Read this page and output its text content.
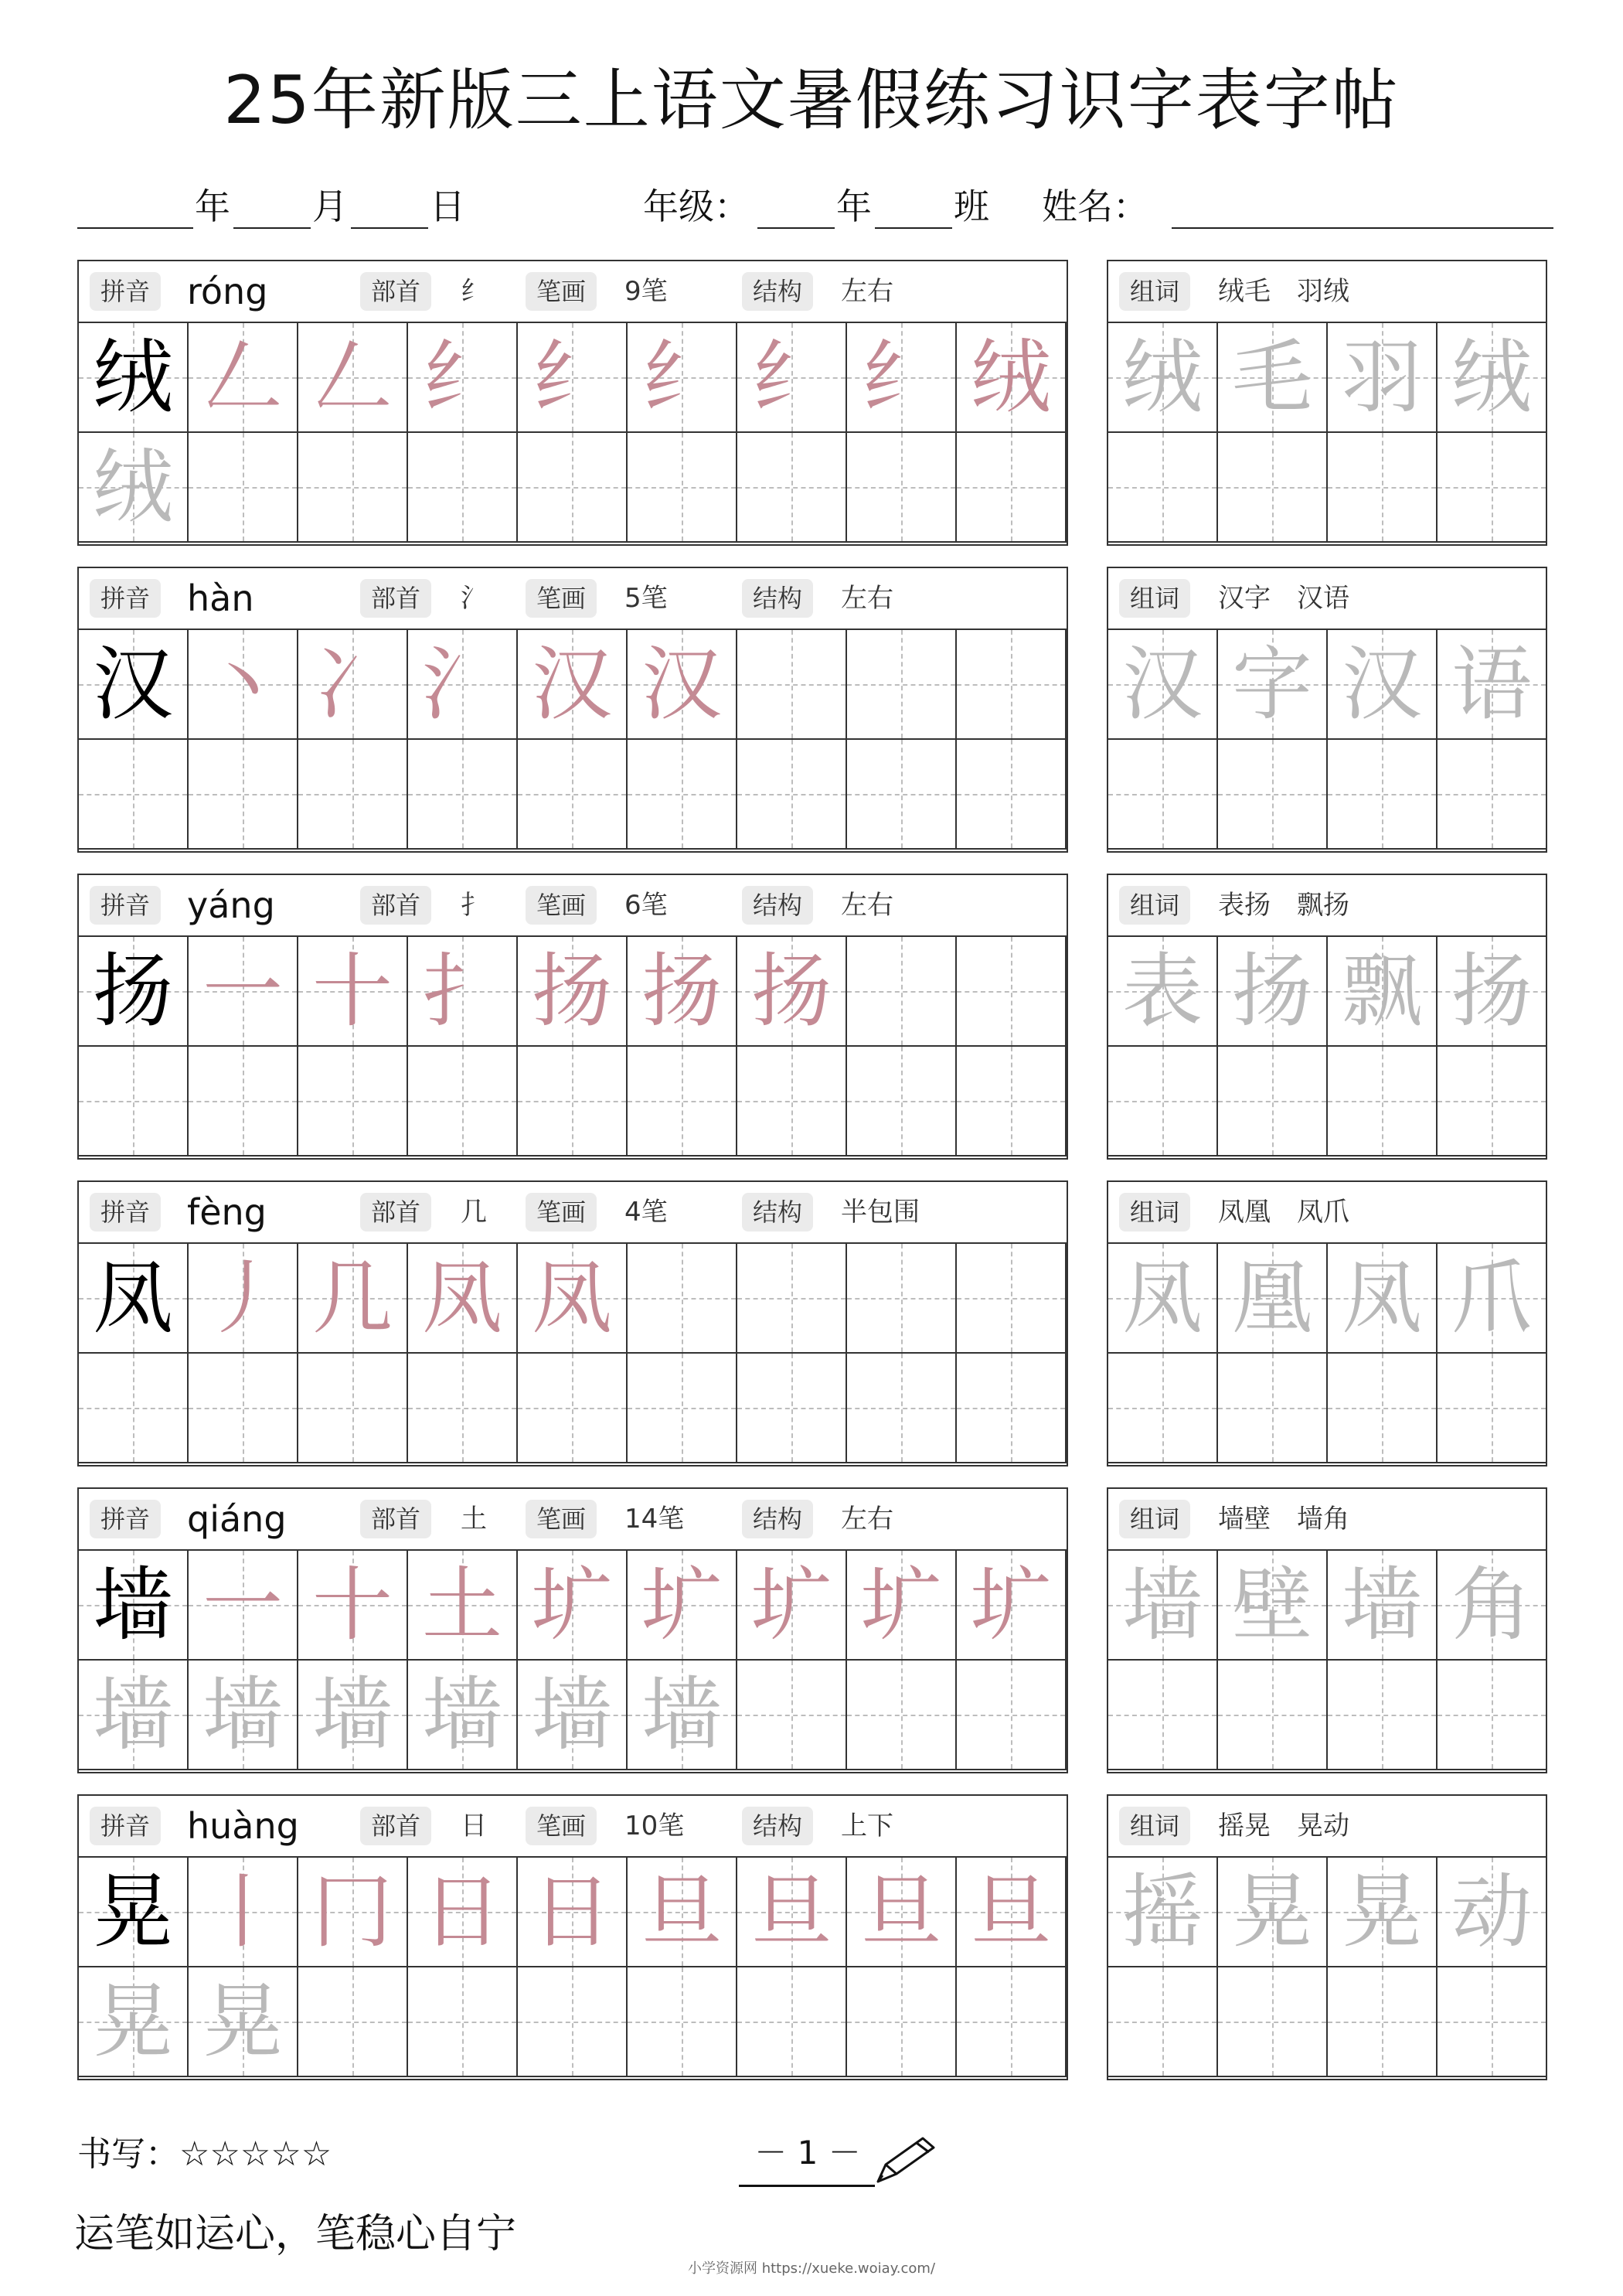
25年新版三上语文暑假练习识字表字帖
年 月 日	年级： 年 班 姓名：
拼音	róng	部首	纟	笔画	9笔	结构	左右
绒 𠃋 𠃋 纟 纟 纟 纟 纟 绒
绒
组词	绒毛　羽绒
绒 毛 羽 绒
拼音	hàn	部首	氵	笔画	5笔	结构	左右
汉 丶 冫 氵 汉 汉
组词	汉字　汉语
汉 字 汉 语
拼音	yáng	部首	扌	笔画	6笔	结构	左右
扬 一 十 扌 扬 扬 扬
组词	表扬　飘扬
表 扬 飘 扬
拼音	fèng	部首	几	笔画	4笔	结构	半包围
凤 丿 几 凤 凤
组词	凤凰　凤爪
凤 凰 凤 爪
拼音	qiáng	部首	土	笔画	14笔	结构	左右
墙 一 十 土 圹 圹 圹 圹 圹
墙 墙 墙 墙 墙 墙
组词	墙壁　墙角
墙 壁 墙 角
拼音	huàng	部首	日	笔画	10笔	结构	上下
晃 丨 冂 日 日 旦 旦 旦 旦
晃 晃
组词	摇晃　晃动
摇 晃 晃 动
书写：☆☆☆☆☆	－ 1 －
运笔如运心，笔稳心自宁
小学资源网 https://xueke.woiay.com/
